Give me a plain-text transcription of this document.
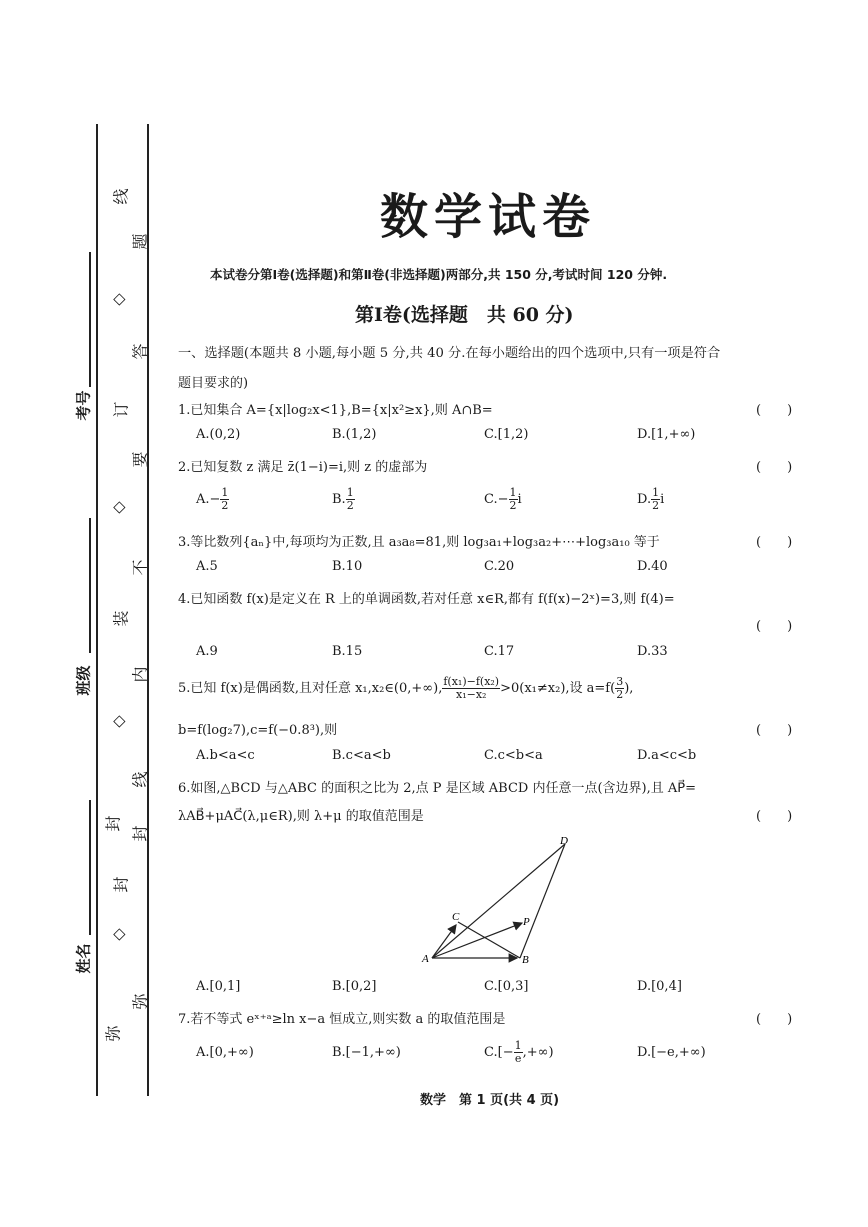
考号
班级
姓名
弥
封
线
题
◇
答
订
要
◇
不
装
内
◇
线
封
封
◇
弥
数学试卷
本试卷分第Ⅰ卷(选择题)和第Ⅱ卷(非选择题)两部分,共 150 分,考试时间 120 分钟.
第Ⅰ卷(选择题　共 60 分)
一、选择题(本题共 8 小题,每小题 5 分,共 40 分.在每小题给出的四个选项中,只有一项是符合
题目要求的)
1.已知集合 A={x|log₂x<1},B={x|x²≥x},则 A∩B=	(　　)
A.(0,2)	B.(1,2)	C.[1,2)	D.[1,+∞)
2.已知复数 z 满足 z̄(1−i)=i,则 z 的虚部为	(　　)
$A.- \frac{1}{2}$	B. $\frac{1}{2}$	$C.- \frac{1}{2}$ i	D. $\frac{1}{2}$ i
3.等比数列{aₙ}中,每项均为正数,且 a₃a₈=81,则 log₃a₁+log₃a₂+⋯+log₃a₁₀ 等于	(　　)
A.5	B.10	C.20	D.40
4.已知函数 f(x)是定义在 R 上的单调函数,若对任意 x∈R,都有 f(f(x)−2ˣ)=3,则 f(4)=
(　　)
A.9	B.15	C.17	D.33
5.已知 f(x)是偶函数,且对任意 x₁,x₂∈(0,+∞), $\frac{\text{f(x₁)−f(x₂)}}{\text{x₁−x₂}} >0(x_1\ne x_2)$,设 $a=f( \frac{3}{2}$ ),
b=f(log₂7),c=f(−0.8³),则	(　　)
A.b<a<c	B.c<a<b	C.c<b<a	D.a<c<b
6.如图,△BCD 与△ABC 的面积之比为 2,点 P 是区域 ABCD 内任意一点(含边界),且 AP⃗=
λAB⃗+μAC⃗(λ,μ∈R),则 λ+μ 的取值范围是	(　　)
A	B
C
D
P
A.[0,1]	B.[0,2]	C.[0,3]	D.[0,4]
7.若不等式 eˣ⁺ᵃ≥ln x−a 恒成立,则实数 a 的取值范围是	(　　)
A.[0,+∞)	B.[−1,+∞)	$C.[- \frac{1}{e}$ ,+∞)	D.[−e,+∞)
数学　第 1 页(共 4 页)
